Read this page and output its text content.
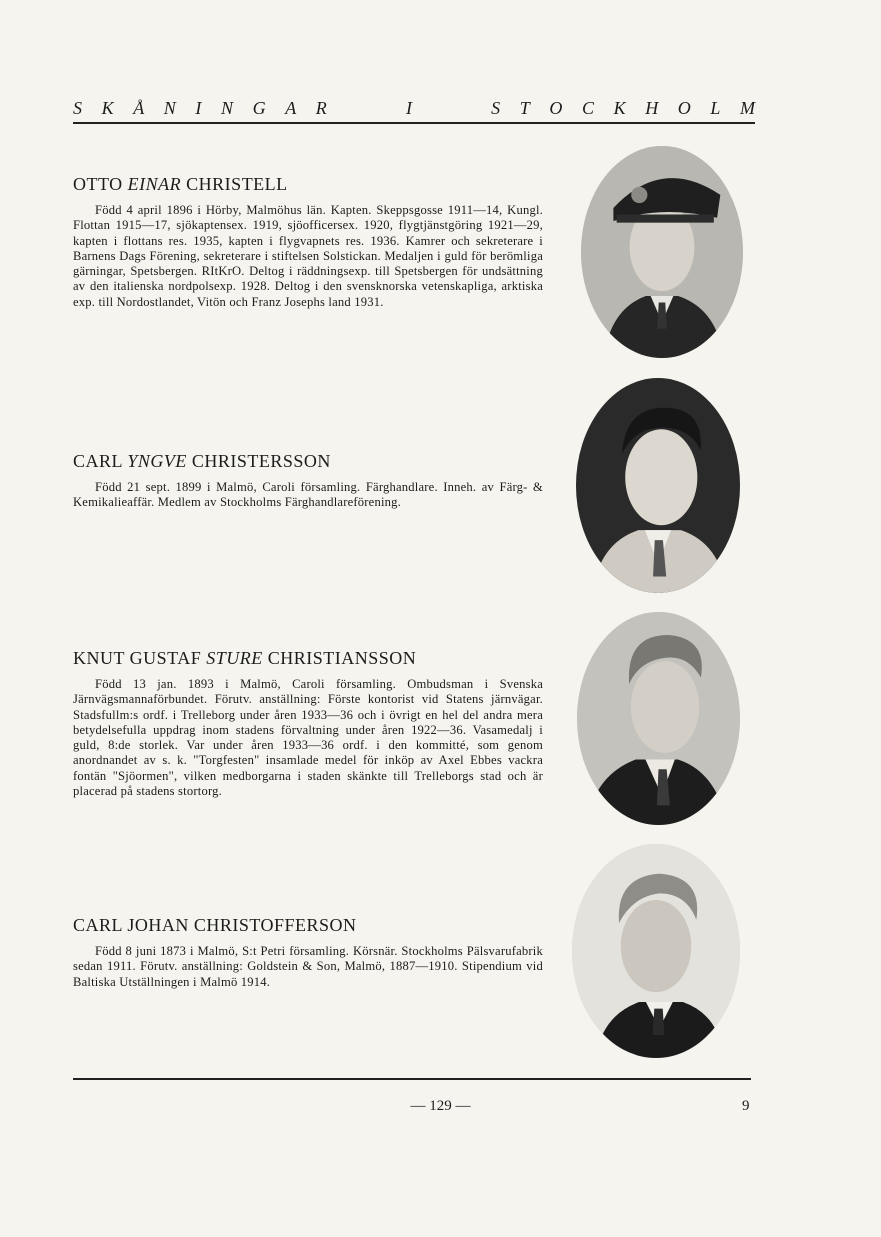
S K Å N I N G A R	I	S T O C K H O L M
OTTO EINAR CHRISTELL

Född 4 april 1896 i Hörby, Malmöhus län. Kapten. Skeppsgosse 1911—14, Kungl. Flottan 1915—17, sjökaptensex. 1919, sjöofficersex. 1920, flygtjänstgöring 1921—29, kapten i flottans res. 1935, kapten i flygvapnets res. 1936. Kamrer och sekreterare i Barnens Dags Förening, sekreterare i stiftelsen Solstickan. Medaljen i guld för berömliga gärningar, Spetsbergen. RItKrO. Deltog i räddningsexp. till Spetsbergen för undsättning av den italienska nordpolsexp. 1928. Deltog i den svensknorska vetenskapliga, arktiska exp. till Nordostlandet, Vitön och Franz Josephs land 1931.

CARL YNGVE CHRISTERSSON

Född 21 sept. 1899 i Malmö, Caroli församling. Färghandlare. Inneh. av Färg- & Kemikalieaffär. Medlem av Stockholms Färghandlareförening.

KNUT GUSTAF STURE CHRISTIANSSON

Född 13 jan. 1893 i Malmö, Caroli församling. Ombudsman i Svenska Järnvägsmannaförbundet. Förutv. anställning: Förste kontorist vid Statens järnvägar. Stadsfullm:s ordf. i Trelleborg under åren 1933—36 och i övrigt en hel del andra mera betydelsefulla uppdrag inom stadens förvaltning under åren 1922—36. Vasamedalj i guld, 8:de storlek. Var under åren 1933—36 ordf. i den kommitté, som genom anordnandet av s. k. "Torgfesten" insamlade medel för inköp av Axel Ebbes vackra fontän "Sjöormen", vilken medborgarna i staden skänkte till Trelleborgs stad och är placerad på stadens stortorg.

CARL JOHAN CHRISTOFFERSON

Född 8 juni 1873 i Malmö, S:t Petri församling. Körsnär. Stockholms Pälsvarufabrik sedan 1911. Förutv. anställning: Goldstein & Son, Malmö, 1887—1910. Stipendium vid Baltiska Utställningen i Malmö 1914.

— 129 —	9
